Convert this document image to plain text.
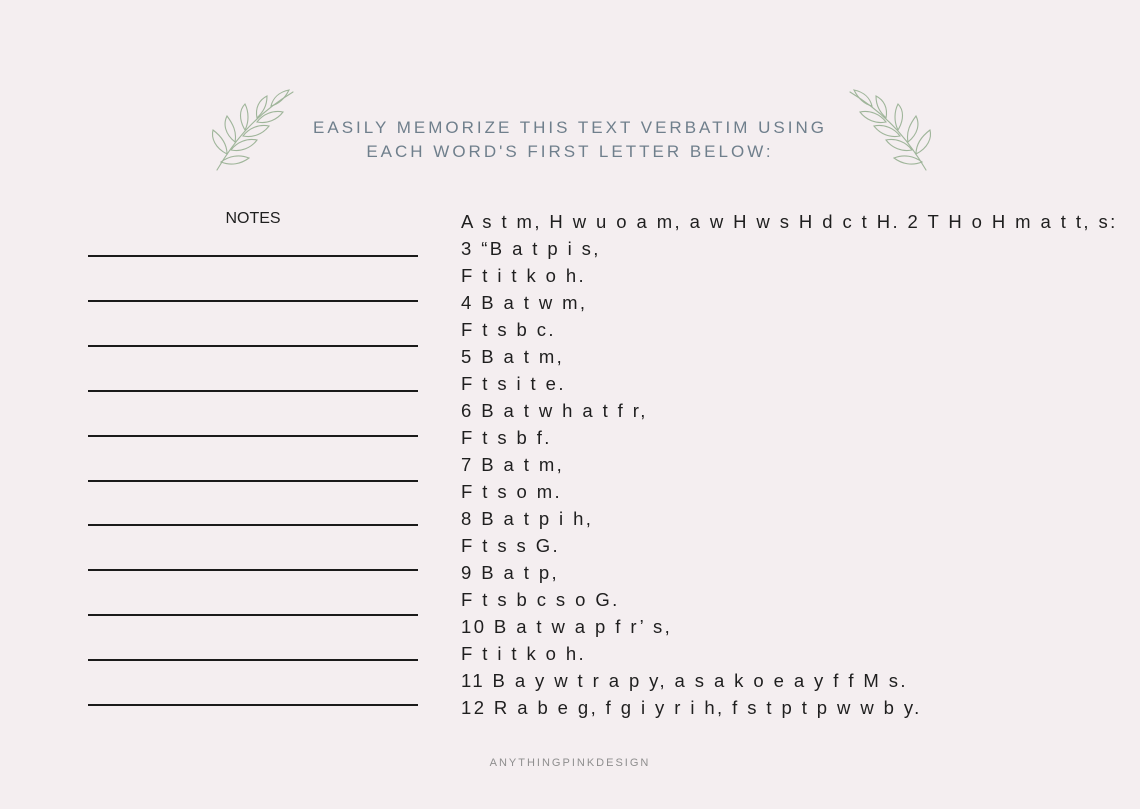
EASILY MEMORIZE THIS TEXT VERBATIM USING
EACH WORD'S FIRST LETTER BELOW:
NOTES	A s t m, H w u o a m, a w H w s H d c t H. 2 T H o H m a t t, s:
3 “B a t p i s,
F t i t k o h.
4 B a t w m,
F t s b c.
5 B a t m,
F t s i t e.
6 B a t w h a t f r,
F t s b f.
7 B a t m,
F t s o m.
8 B a t p i h,
F t s s G.
9 B a t p,
F t s b c s o G.
10 B a t w a p f r’ s,
F t i t k o h.
11 B a y w t r a p y, a s a k o e a y f f M s.
12 R a b e g, f g i y r i h, f s t p t p w w b y.
ANYTHINGPINKDESIGN
